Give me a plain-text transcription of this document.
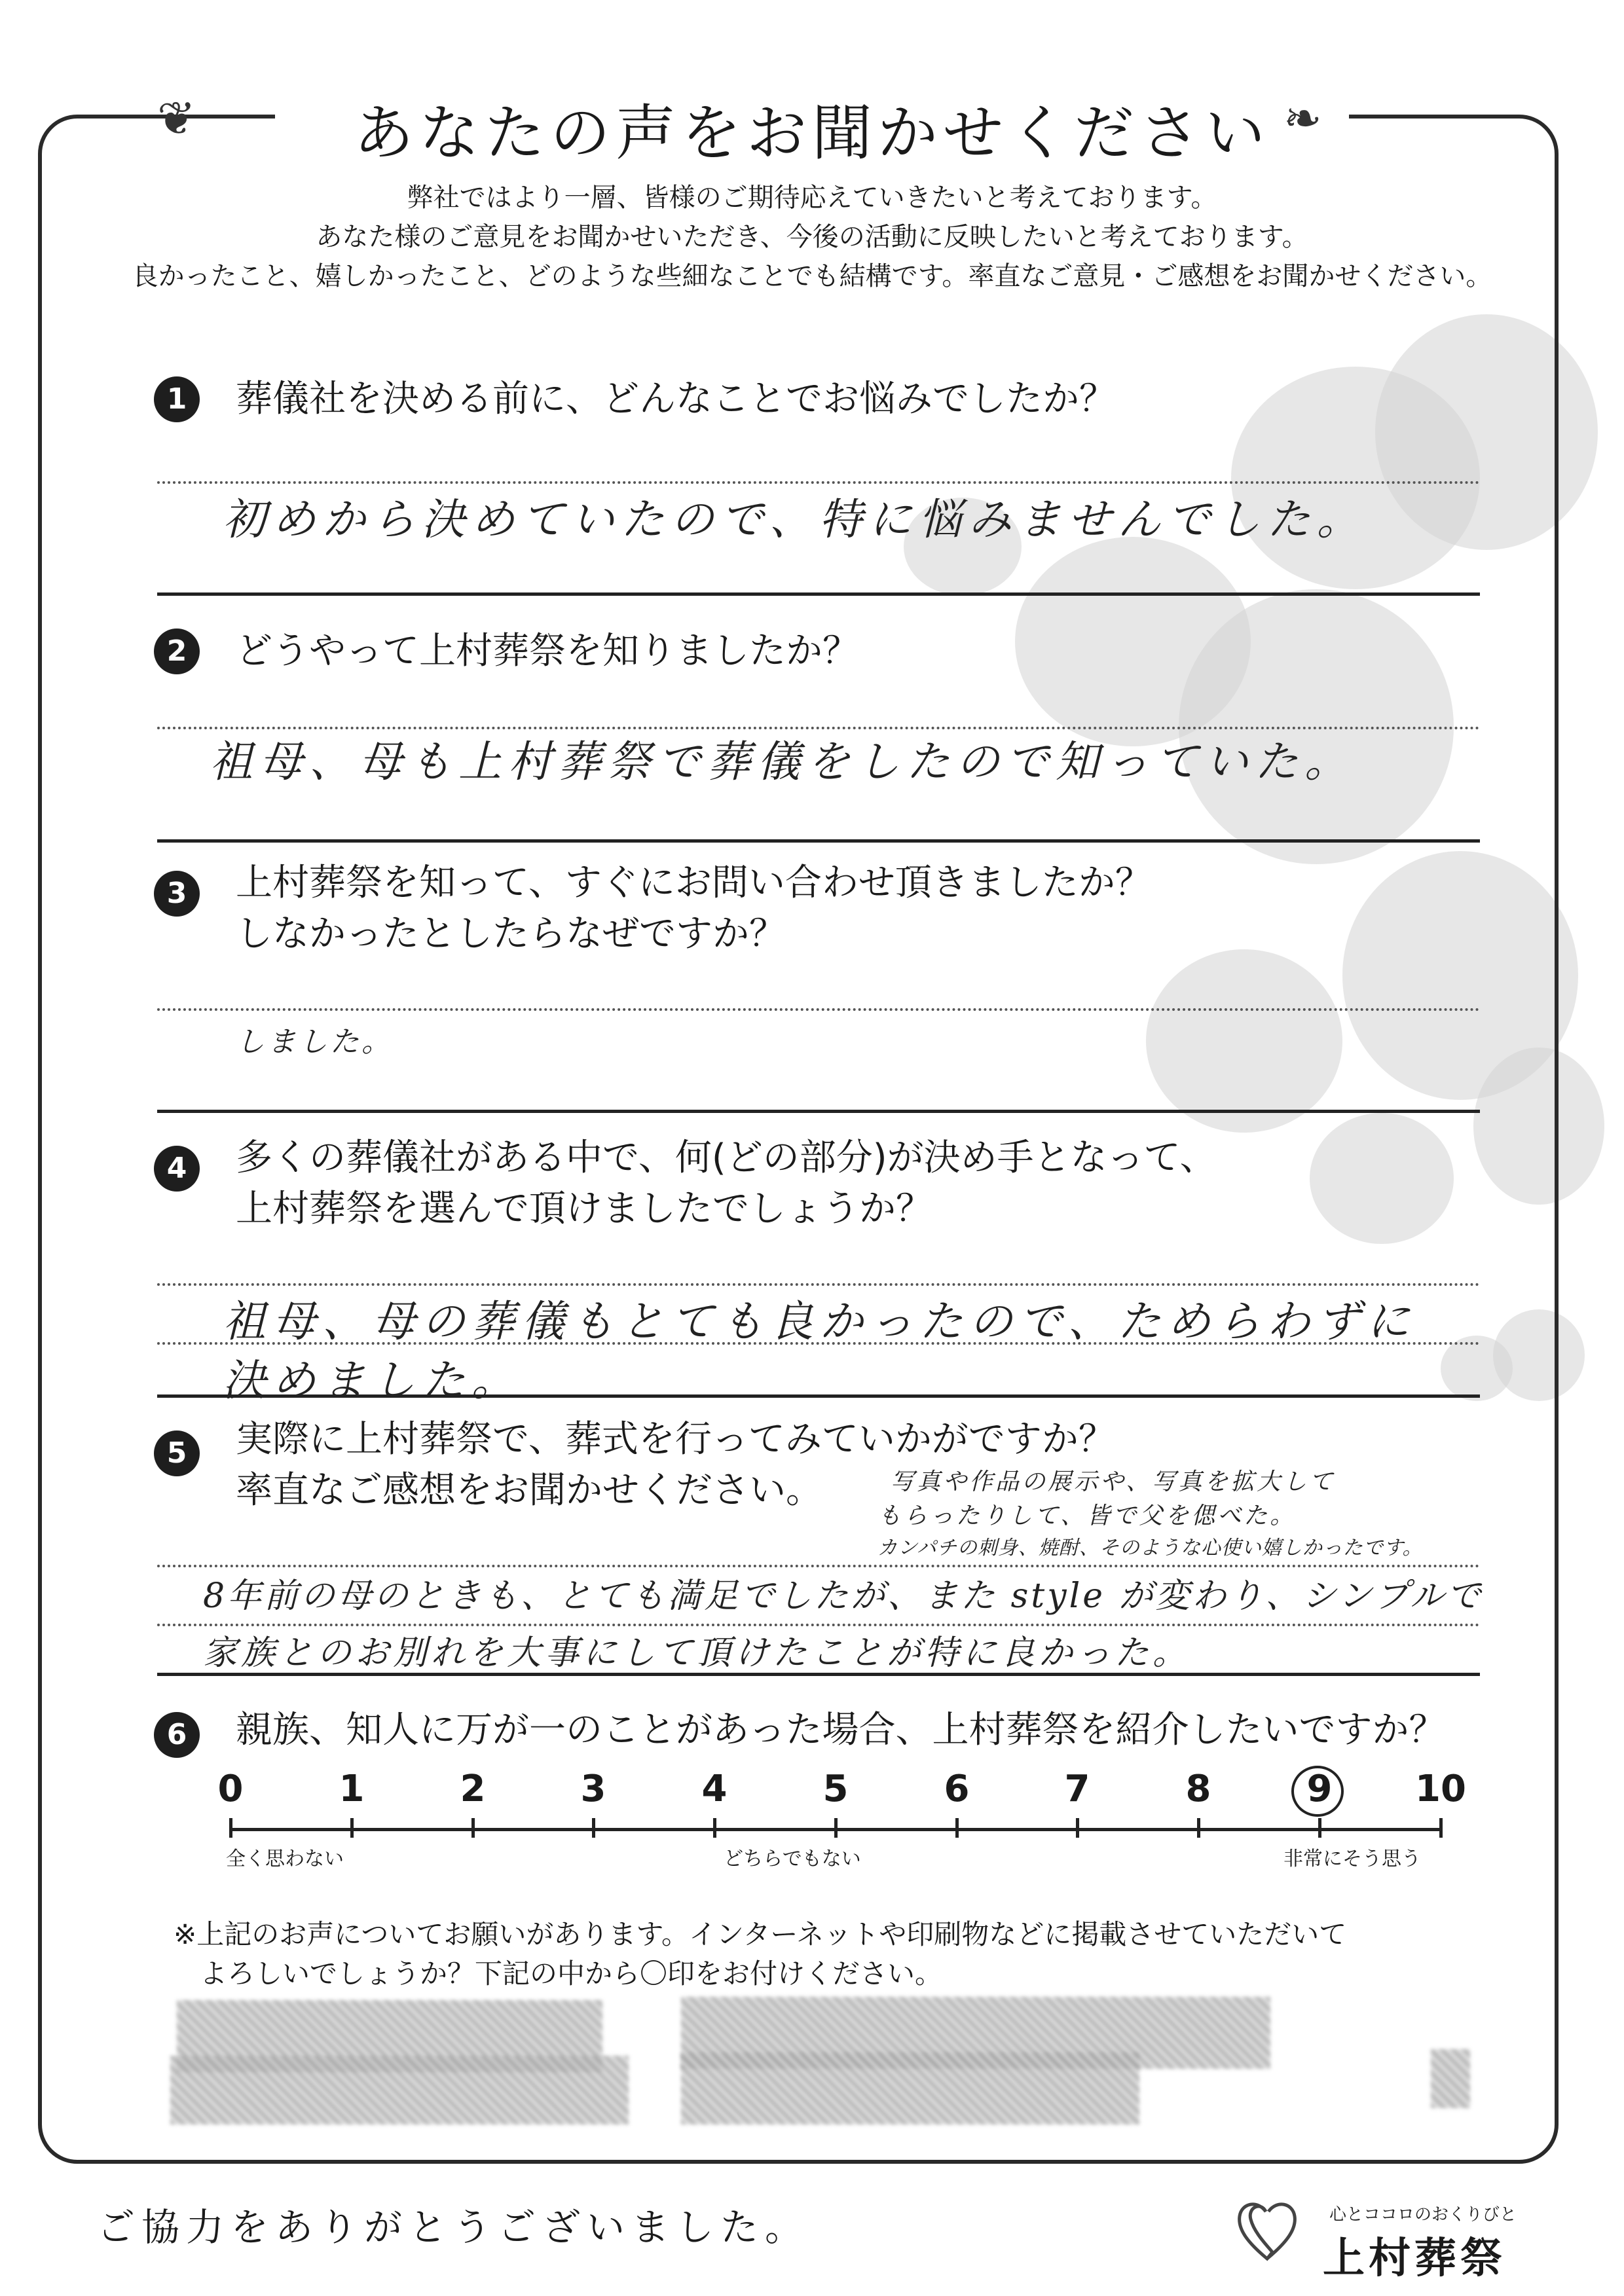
❦	❧
あなたの声をお聞かせください
弊社ではより一層、皆様のご期待応えていきたいと考えております。
あなた様のご意見をお聞かせいただき、今後の活動に反映したいと考えております。
良かったこと、嬉しかったこと、どのような些細なことでも結構です。率直なご意見・ご感想をお聞かせください。
1	葬儀社を決める前に、どんなことでお悩みでしたか？
初めから決めていたので、特に悩みませんでした。
2	どうやって上村葬祭を知りましたか？
祖母、母も上村葬祭で葬儀をしたので知っていた。
3	上村葬祭を知って、すぐにお問い合わせ頂きましたか？
しなかったとしたらなぜですか？
しました。
4	多くの葬儀社がある中で、何(どの部分)が決め手となって、
上村葬祭を選んで頂けましたでしょうか？
祖母、母の葬儀もとても良かったので、ためらわずに
決めました。
5	実際に上村葬祭で、葬式を行ってみていかがですか？
率直なご感想をお聞かせください。	写真や作品の展示や、写真を拡大して
もらったりして、皆で父を偲べた。
カンパチの刺身、焼酎、そのような心使い嬉しかったです。
8年前の母のときも、とても満足でしたが、また style が変わり、シンプルで
家族とのお別れを大事にして頂けたことが特に良かった。
6	親族、知人に万が一のことがあった場合、上村葬祭を紹介したいですか？
0	1	2	3	4	5	6	7	8	9	10
全く思わない	どちらでもない	非常にそう思う
※上記のお声についてお願いがあります。インターネットや印刷物などに掲載させていただいて
よろしいでしょうか？下記の中から〇印をお付けください。
ご協力をありがとうございました。	心とココロのおくりびと
上村葬祭
